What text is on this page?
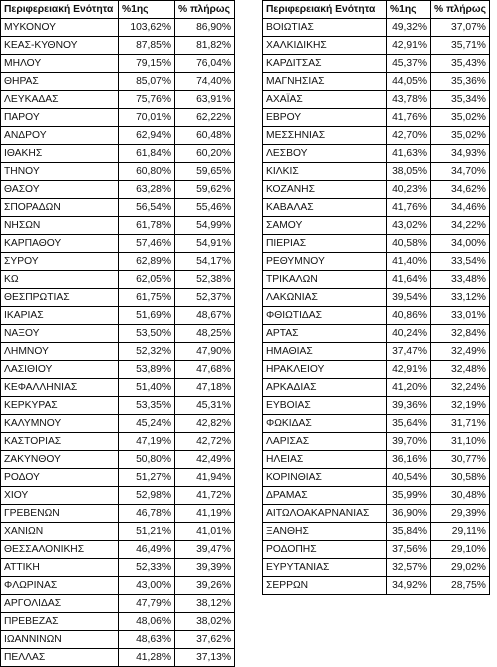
Περιφερειακή Ενότητα	%1ης	% πλήρως
ΜΥΚΟΝΟΥ	103,62%	86,90%
ΚΕΑΣ-ΚΥΘΝΟΥ	87,85%	81,82%
ΜΗΛΟΥ	79,15%	76,04%
ΘΗΡΑΣ	85,07%	74,40%
ΛΕΥΚΑΔΑΣ	75,76%	63,91%
ΠΑΡΟΥ	70,01%	62,22%
ΑΝΔΡΟΥ	62,94%	60,48%
ΙΘΑΚΗΣ	61,84%	60,20%
ΤΗΝΟΥ	60,80%	59,65%
ΘΑΣΟΥ	63,28%	59,62%
ΣΠΟΡΑΔΩΝ	56,54%	55,46%
ΝΗΣΩΝ	61,78%	54,99%
ΚΑΡΠΑΘΟΥ	57,46%	54,91%
ΣΥΡΟΥ	62,89%	54,17%
ΚΩ	62,05%	52,38%
ΘΕΣΠΡΩΤΙΑΣ	61,75%	52,37%
ΙΚΑΡΙΑΣ	51,69%	48,67%
ΝΑΞΟΥ	53,50%	48,25%
ΛΗΜΝΟΥ	52,32%	47,90%
ΛΑΣΙΘΙΟΥ	53,89%	47,68%
ΚΕΦΑΛΛΗΝΙΑΣ	51,40%	47,18%
ΚΕΡΚΥΡΑΣ	53,35%	45,31%
ΚΑΛΥΜΝΟΥ	45,24%	42,82%
ΚΑΣΤΟΡΙΑΣ	47,19%	42,72%
ΖΑΚΥΝΘΟΥ	50,80%	42,49%
ΡΟΔΟΥ	51,27%	41,94%
ΧΙΟΥ	52,98%	41,72%
ΓΡΕΒΕΝΩΝ	46,78%	41,19%
ΧΑΝΙΩΝ	51,21%	41,01%
ΘΕΣΣΑΛΟΝΙΚΗΣ	46,49%	39,47%
ΑΤΤΙΚΗ	52,33%	39,39%
ΦΛΩΡΙΝΑΣ	43,00%	39,26%
ΑΡΓΟΛΙΔΑΣ	47,79%	38,12%
ΠΡΕΒΕΖΑΣ	48,06%	38,02%
ΙΩΑΝΝΙΝΩΝ	48,63%	37,62%
ΠΕΛΛΑΣ	41,28%	37,13%
Περιφερειακή Ενότητα	%1ης	% πλήρως
ΒΟΙΩΤΙΑΣ	49,32%	37,07%
ΧΑΛΚΙΔΙΚΗΣ	42,91%	35,71%
ΚΑΡΔΙΤΣΑΣ	45,37%	35,43%
ΜΑΓΝΗΣΙΑΣ	44,05%	35,36%
ΑΧΑΪΑΣ	43,78%	35,34%
ΕΒΡΟΥ	41,76%	35,02%
ΜΕΣΣΗΝΙΑΣ	42,70%	35,02%
ΛΕΣΒΟΥ	41,63%	34,93%
ΚΙΛΚΙΣ	38,05%	34,70%
ΚΟΖΑΝΗΣ	40,23%	34,62%
ΚΑΒΑΛΑΣ	41,76%	34,46%
ΣΑΜΟΥ	43,02%	34,22%
ΠΙΕΡΙΑΣ	40,58%	34,00%
ΡΕΘΥΜΝΟΥ	41,40%	33,54%
ΤΡΙΚΑΛΩΝ	41,64%	33,48%
ΛΑΚΩΝΙΑΣ	39,54%	33,12%
ΦΘΙΩΤΙΔΑΣ	40,86%	33,01%
ΑΡΤΑΣ	40,24%	32,84%
ΗΜΑΘΙΑΣ	37,47%	32,49%
ΗΡΑΚΛΕΙΟΥ	42,91%	32,48%
ΑΡΚΑΔΙΑΣ	41,20%	32,24%
ΕΥΒΟΙΑΣ	39,36%	32,19%
ΦΩΚΙΔΑΣ	35,64%	31,71%
ΛΑΡΙΣΑΣ	39,70%	31,10%
ΗΛΕΙΑΣ	36,16%	30,77%
ΚΟΡΙΝΘΙΑΣ	40,54%	30,58%
ΔΡΑΜΑΣ	35,99%	30,48%
ΑΙΤΩΛΟΑΚΑΡΝΑΝΙΑΣ	36,90%	29,39%
ΞΑΝΘΗΣ	35,84%	29,11%
ΡΟΔΟΠΗΣ	37,56%	29,10%
ΕΥΡΥΤΑΝΙΑΣ	32,57%	29,02%
ΣΕΡΡΩΝ	34,92%	28,75%
